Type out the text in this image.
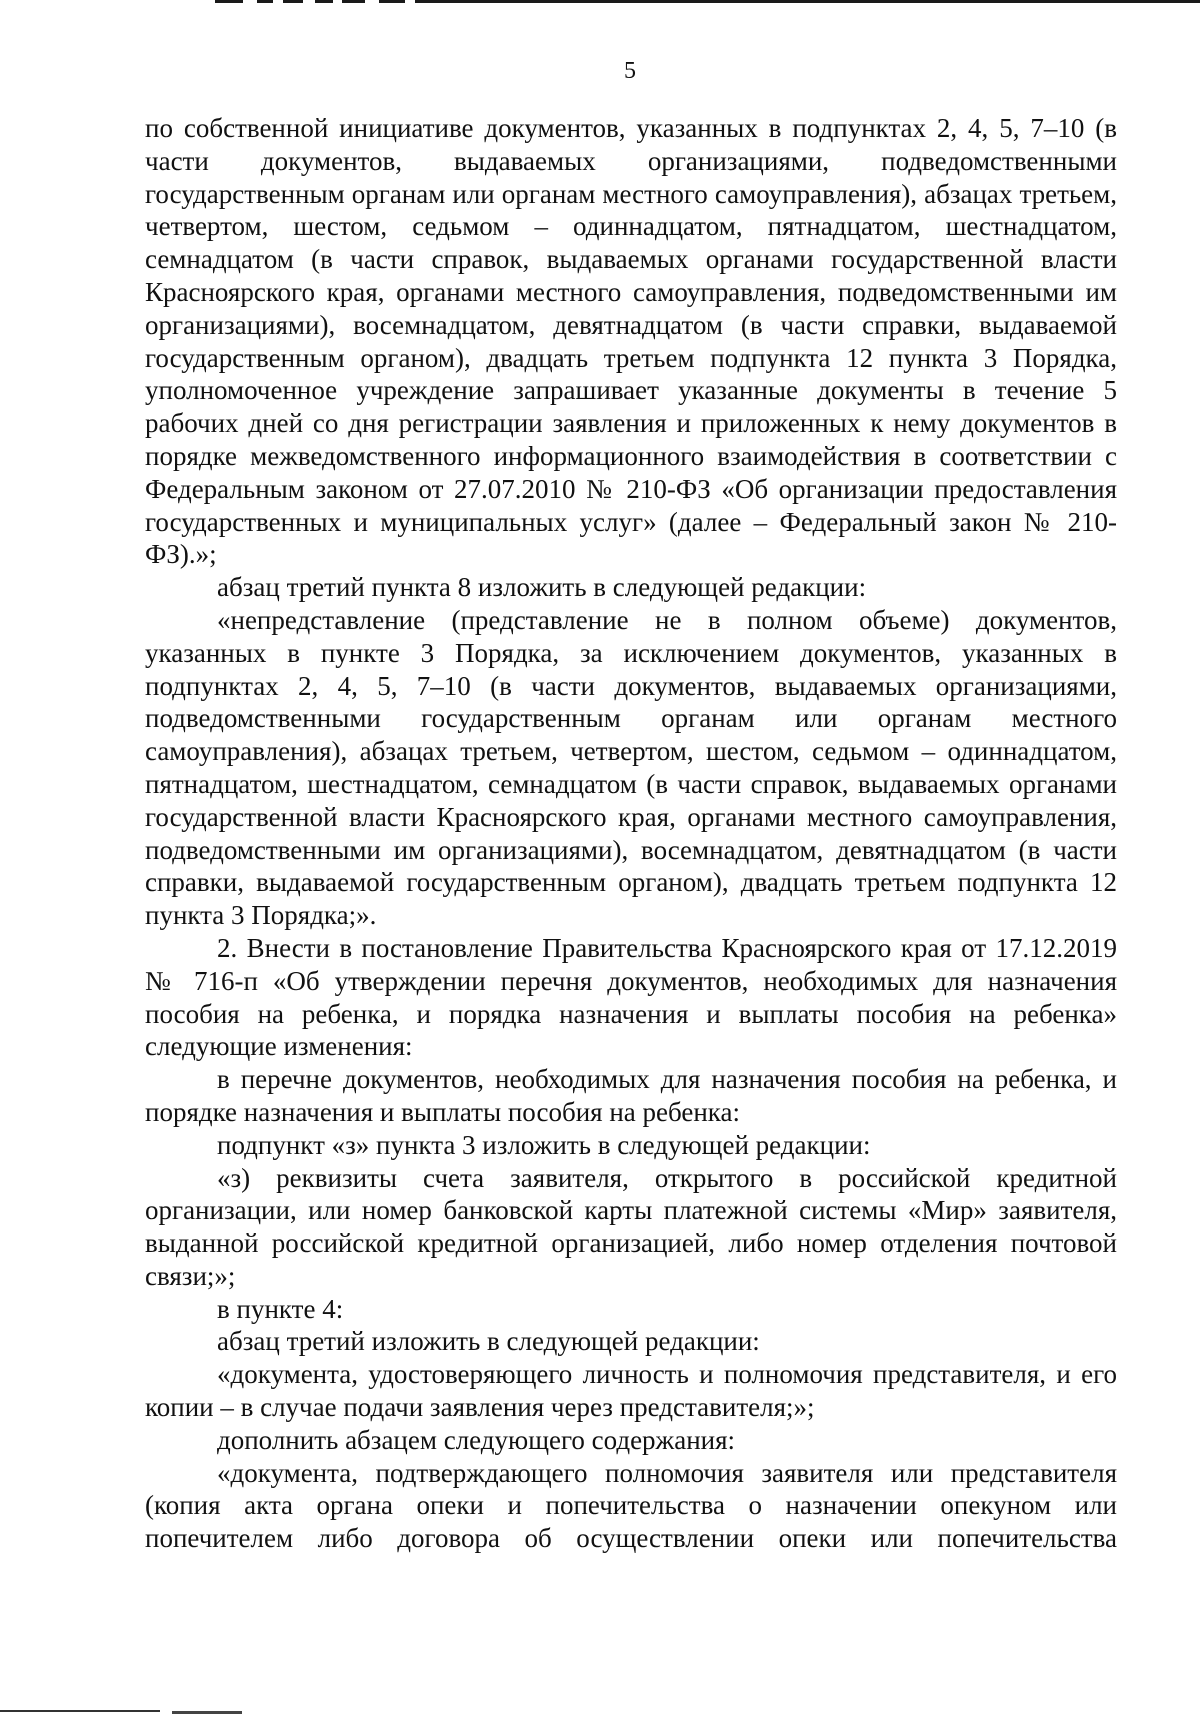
5

по собственной инициативе документов, указанных в подпунктах 2, 4, 5, 7–10 (в части документов, выдаваемых организациями, подведомственными государственным органам или органам местного самоуправления), абзацах третьем, четвертом, шестом, седьмом – одиннадцатом, пятнадцатом, шестнадцатом, семнадцатом (в части справок, выдаваемых органами государственной власти Красноярского края, органами местного самоуправления, подведомственными им организациями), восемнадцатом, девятнадцатом (в части справки, выдаваемой государственным органом), двадцать третьем подпункта 12 пункта 3 Порядка, уполномоченное учреждение запрашивает указанные документы в течение 5 рабочих дней со дня регистрации заявления и приложенных к нему документов в порядке межведомственного информационного взаимодействия в соответствии с Федеральным законом от 27.07.2010 № 210-ФЗ «Об организации предоставления государственных и муниципальных услуг» (далее – Федеральный закон № 210-ФЗ).»;

абзац третий пункта 8 изложить в следующей редакции:

«непредставление (представление не в полном объеме) документов, указанных в пункте 3 Порядка, за исключением документов, указанных в подпунктах 2, 4, 5, 7–10 (в части документов, выдаваемых организациями, подведомственными государственным органам или органам местного самоуправления), абзацах третьем, четвертом, шестом, седьмом – одиннадцатом, пятнадцатом, шестнадцатом, семнадцатом (в части справок, выдаваемых органами государственной власти Красноярского края, органами местного самоуправления, подведомственными им организациями), восемнадцатом, девятнадцатом (в части справки, выдаваемой государственным органом), двадцать третьем подпункта 12 пункта 3 Порядка;».

2. Внести в постановление Правительства Красноярского края от 17.12.2019 № 716-п «Об утверждении перечня документов, необходимых для назначения пособия на ребенка, и порядка назначения и выплаты пособия на ребенка» следующие изменения:

в перечне документов, необходимых для назначения пособия на ребенка, и порядке назначения и выплаты пособия на ребенка:

подпункт «з» пункта 3 изложить в следующей редакции:

«з) реквизиты счета заявителя, открытого в российской кредитной организации, или номер банковской карты платежной системы «Мир» заявителя, выданной российской кредитной организацией, либо номер отделения почтовой связи;»;

в пункте 4:

абзац третий изложить в следующей редакции:

«документа, удостоверяющего личность и полномочия представителя, и его копии – в случае подачи заявления через представителя;»;

дополнить абзацем следующего содержания:

«документа, подтверждающего полномочия заявителя или представителя (копия акта органа опеки и попечительства о назначении опекуном или попечителем либо договора об осуществлении опеки или попечительства
